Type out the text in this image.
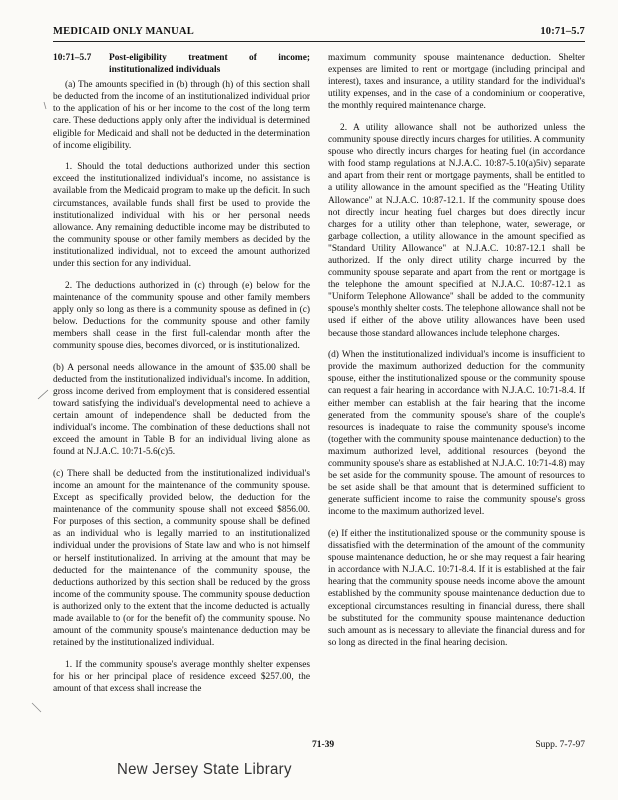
MEDICAID ONLY MANUAL	10:71–5.7
10:71–5.7	Post-eligibility treatment of income; institutionalized individuals

(a) The amounts specified in (b) through (h) of this section shall be deducted from the income of an institutionalized individual prior to the application of his or her income to the cost of the long term care. These deductions apply only after the individual is determined eligible for Medicaid and shall not be deducted in the determination of income eligibility.

1. Should the total deductions authorized under this section exceed the institutionalized individual's income, no assistance is available from the Medicaid program to make up the deficit. In such circumstances, available funds shall first be used to provide the institutionalized individual with his or her personal needs allowance. Any remaining deductible income may be distributed to the community spouse or other family members as decided by the institutionalized individual, not to exceed the amount authorized under this section for any individual.

2. The deductions authorized in (c) through (e) below for the maintenance of the community spouse and other family members apply only so long as there is a community spouse as defined in (c) below. Deductions for the community spouse and other family members shall cease in the first full-calendar month after the community spouse dies, becomes divorced, or is institutionalized.

(b) A personal needs allowance in the amount of $35.00 shall be deducted from the institutionalized individual's income. In addition, gross income derived from employment that is considered essential toward satisfying the individual's developmental need to achieve a certain amount of independence shall be deducted from the individual's income. The combination of these deductions shall not exceed the amount in Table B for an individual living alone as found at N.J.A.C. 10:71-5.6(c)5.

(c) There shall be deducted from the institutionalized individual's income an amount for the maintenance of the community spouse. Except as specifically provided below, the deduction for the maintenance of the community spouse shall not exceed $856.00. For purposes of this section, a community spouse shall be defined as an individual who is legally married to an institutionalized individual under the provisions of State law and who is not himself or herself institutionalized. In arriving at the amount that may be deducted for the maintenance of the community spouse, the deductions authorized by this section shall be reduced by the gross income of the community spouse. The community spouse deduction is authorized only to the extent that the income deducted is actually made available to (or for the benefit of) the community spouse. No amount of the community spouse's maintenance deduction may be retained by the institutionalized individual.

1. If the community spouse's average monthly shelter expenses for his or her principal place of residence exceed $257.00, the amount of that excess shall increase the

maximum community spouse maintenance deduction. Shelter expenses are limited to rent or mortgage (including principal and interest), taxes and insurance, a utility standard for the individual's utility expenses, and in the case of a condominium or cooperative, the monthly required maintenance charge.

2. A utility allowance shall not be authorized unless the community spouse directly incurs charges for utilities. A community spouse who directly incurs charges for heating fuel (in accordance with food stamp regulations at N.J.A.C. 10:87-5.10(a)5iv) separate and apart from their rent or mortgage payments, shall be entitled to a utility allowance in the amount specified as the "Heating Utility Allowance" at N.J.A.C. 10:87-12.1. If the community spouse does not directly incur heating fuel charges but does directly incur charges for a utility other than telephone, water, sewerage, or garbage collection, a utility allowance in the amount specified as "Standard Utility Allowance" at N.J.A.C. 10:87-12.1 shall be authorized. If the only direct utility charge incurred by the community spouse separate and apart from the rent or mortgage is the telephone the amount specified at N.J.A.C. 10:87-12.1 as "Uniform Telephone Allowance" shall be added to the community spouse's monthly shelter costs. The telephone allowance shall not be used if either of the above utility allowances have been used because those standard allowances include telephone charges.

(d) When the institutionalized individual's income is insufficient to provide the maximum authorized deduction for the community spouse, either the institutionalized spouse or the community spouse can request a fair hearing in accordance with N.J.A.C. 10:71-8.4. If either member can establish at the fair hearing that the income generated from the community spouse's share of the couple's resources is inadequate to raise the community spouse's income (together with the community spouse maintenance deduction) to the maximum authorized level, additional resources (beyond the community spouse's share as established at N.J.A.C. 10:71-4.8) may be set aside for the community spouse. The amount of resources to be set aside shall be that amount that is determined sufficient to generate sufficient income to raise the community spouse's gross income to the maximum authorized level.

(e) If either the institutionalized spouse or the community spouse is dissatisfied with the determination of the amount of the community spouse maintenance deduction, he or she may request a fair hearing in accordance with N.J.A.C. 10:71-8.4. If it is established at the fair hearing that the community spouse needs income above the amount established by the community spouse maintenance deduction due to exceptional circumstances resulting in financial duress, there shall be substituted for the community spouse maintenance deduction such amount as is necessary to alleviate the financial duress and for so long as directed in the final hearing decision.

71-39	Supp. 7-7-97
New Jersey State Library
